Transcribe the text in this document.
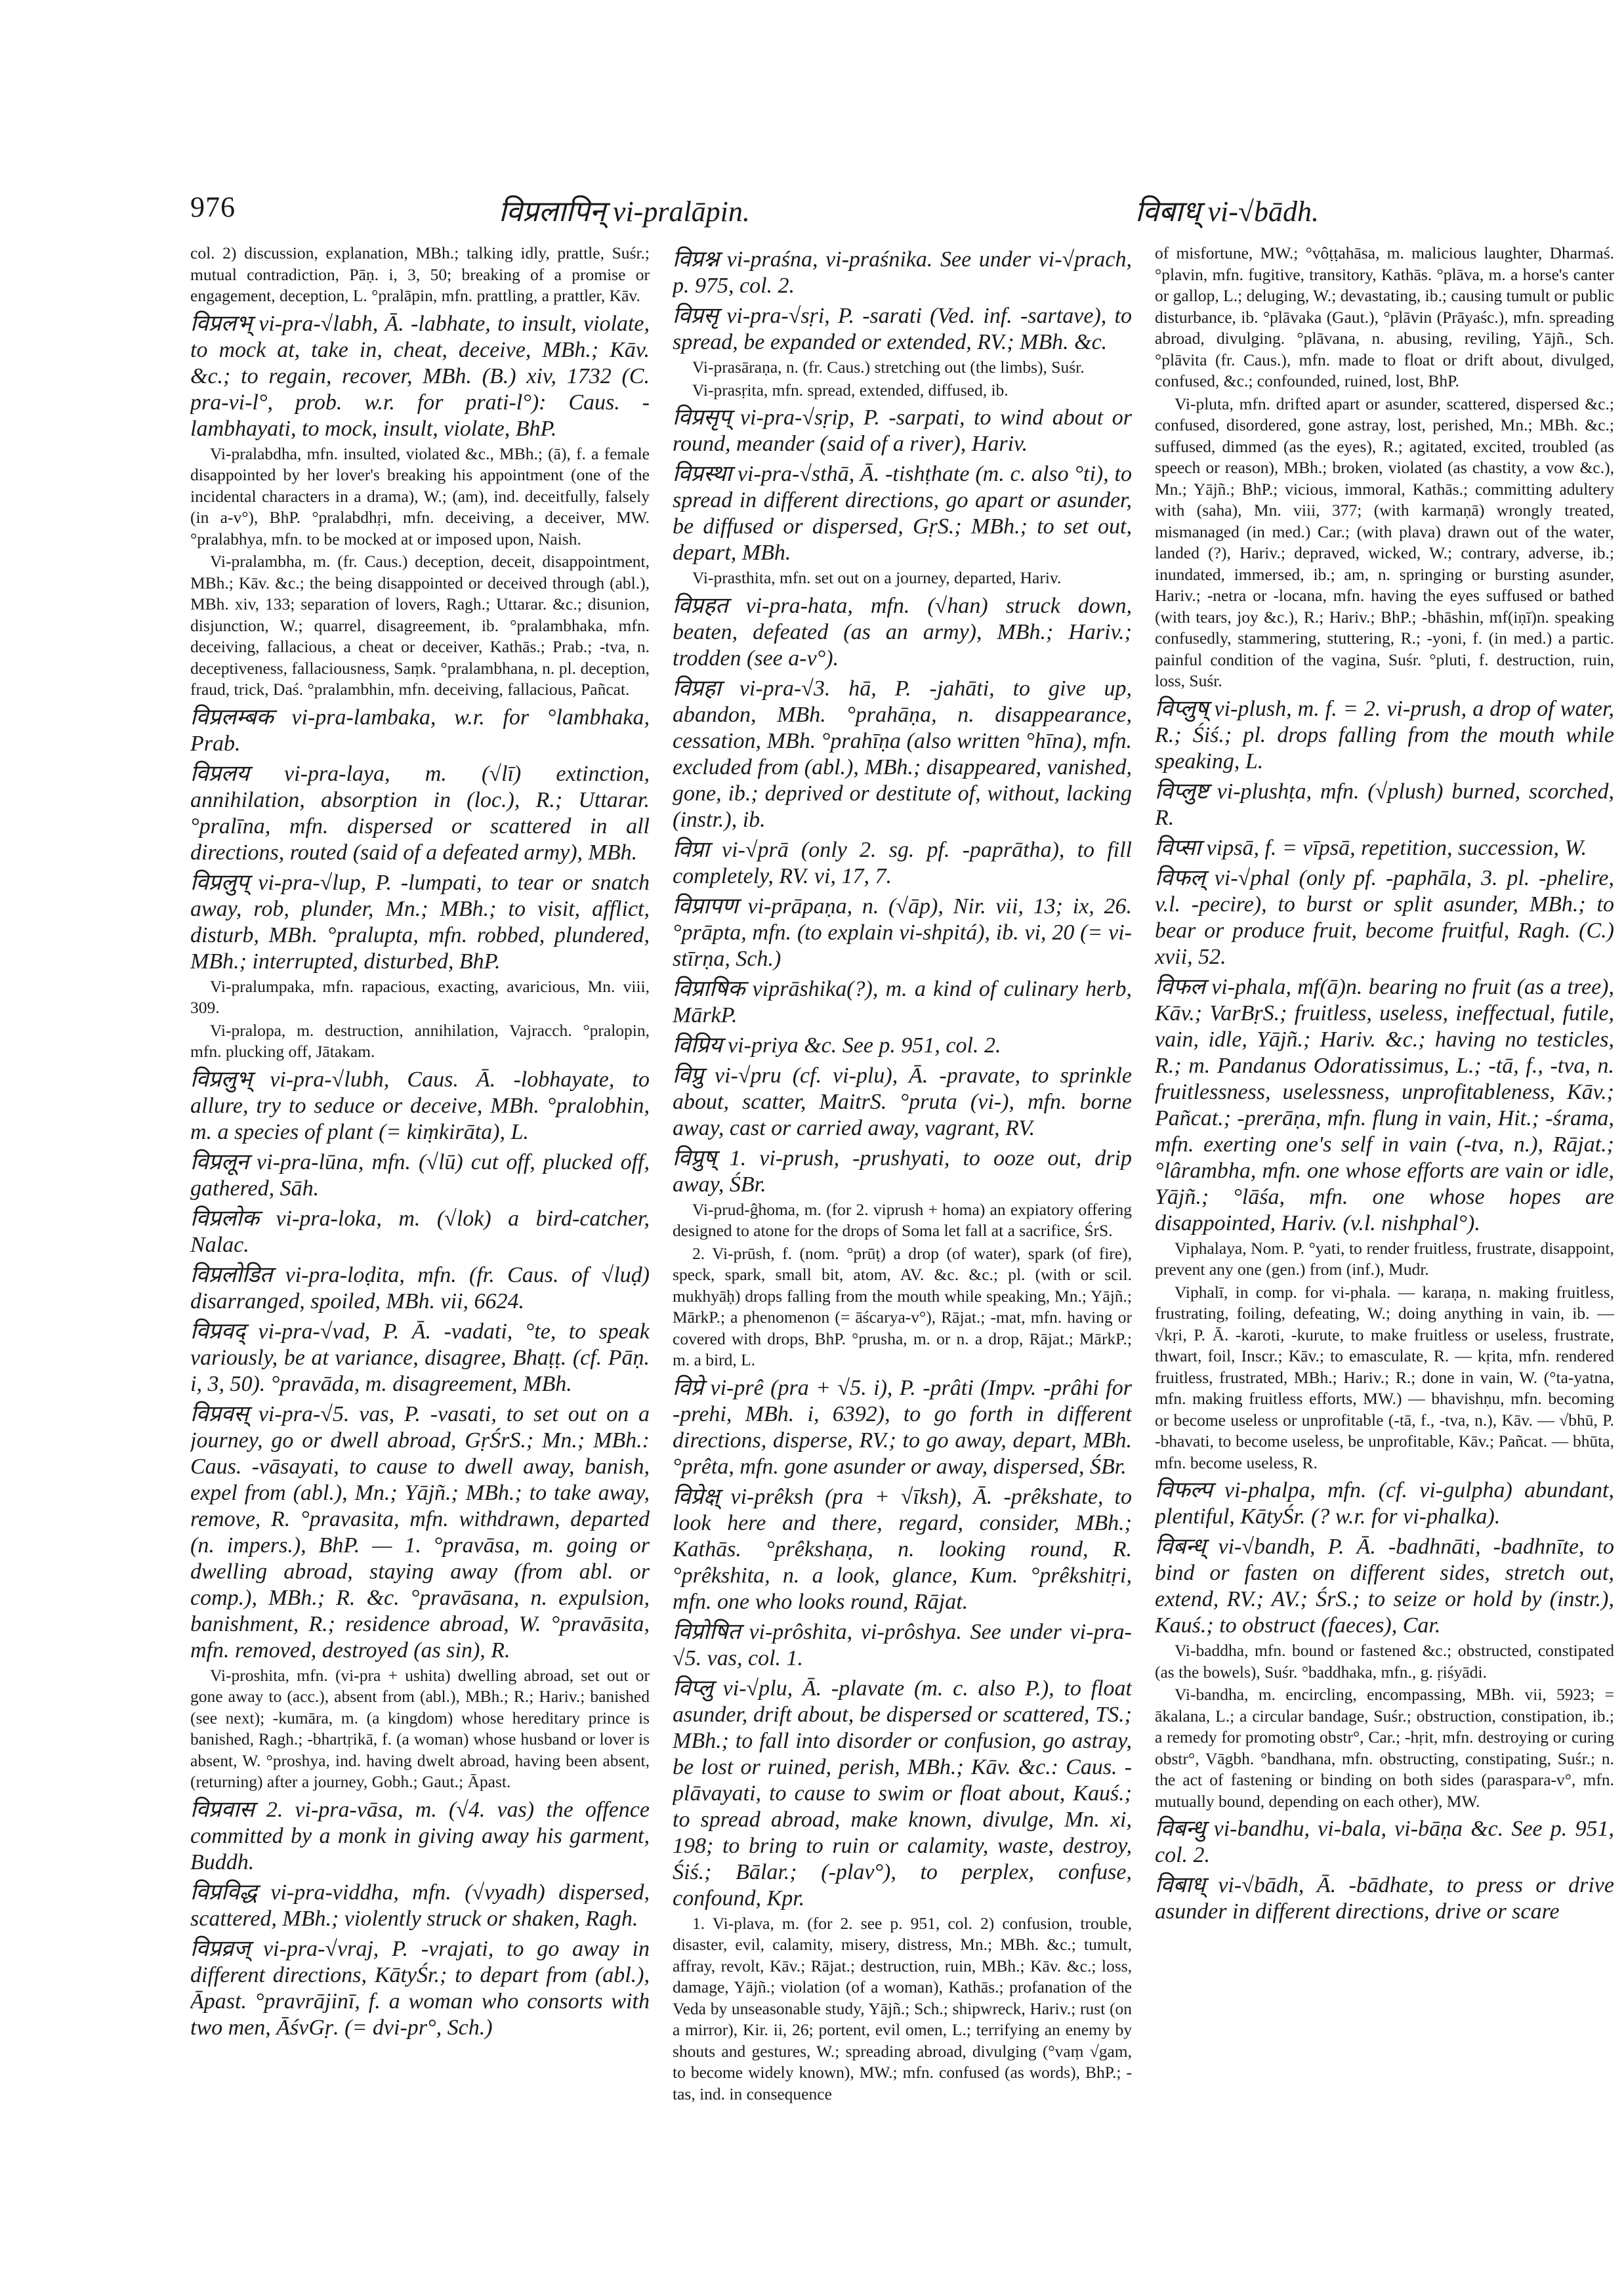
976	विप्रलापिन् vi-pralāpin.	विबाध् vi-√bādh.
col. 2) discussion, explanation, MBh.; talking idly, prattle, Suśr.; mutual contradiction, Pāṇ. i, 3, 50; breaking of a promise or engagement, deception, L. °pralāpin, mfn. prattling, a prattler, Kāv.
विप्रलभ् vi-pra-√labh, Ā. -labhate, to insult, violate, to mock at, take in, cheat, deceive, MBh.; Kāv. &c.; to regain, recover, MBh. (B.) xiv, 1732 (C. pra-vi-l°, prob. w.r. for prati-l°): Caus. -lambhayati, to mock, insult, violate, BhP.
Vi-pralabdha, mfn. insulted, violated &c., MBh.; (ā), f. a female disappointed by her lover's breaking his appointment (one of the incidental characters in a drama), W.; (am), ind. deceitfully, falsely (in a-v°), BhP. °pralabdhṛi, mfn. deceiving, a deceiver, MW. °pralabhya, mfn. to be mocked at or imposed upon, Naish.
Vi-pralambha, m. (fr. Caus.) deception, deceit, disappointment, MBh.; Kāv. &c.; the being disappointed or deceived through (abl.), MBh. xiv, 133; separation of lovers, Ragh.; Uttarar. &c.; disunion, disjunction, W.; quarrel, disagreement, ib. °pralambhaka, mfn. deceiving, fallacious, a cheat or deceiver, Kathās.; Prab.; -tva, n. deceptiveness, fallaciousness, Saṃk. °pralambhana, n. pl. deception, fraud, trick, Daś. °pralambhin, mfn. deceiving, fallacious, Pañcat.
विप्रलम्बक vi-pra-lambaka, w.r. for °lambhaka, Prab.
विप्रलय vi-pra-laya, m. (√lī) extinction, annihilation, absorption in (loc.), R.; Uttarar. °pralīna, mfn. dispersed or scattered in all directions, routed (said of a defeated army), MBh.
विप्रलुप् vi-pra-√lup, P. -lumpati, to tear or snatch away, rob, plunder, Mn.; MBh.; to visit, afflict, disturb, MBh. °pralupta, mfn. robbed, plundered, MBh.; interrupted, disturbed, BhP.
Vi-pralumpaka, mfn. rapacious, exacting, avaricious, Mn. viii, 309.
Vi-pralopa, m. destruction, annihilation, Vajracch. °pralopin, mfn. plucking off, Jātakam.
विप्रलुभ् vi-pra-√lubh, Caus. Ā. -lobhayate, to allure, try to seduce or deceive, MBh. °pralobhin, m. a species of plant (= kiṃkirāta), L.
विप्रलून vi-pra-lūna, mfn. (√lū) cut off, plucked off, gathered, Sāh.
विप्रलोक vi-pra-loka, m. (√lok) a bird-catcher, Nalac.
विप्रलोडित vi-pra-loḍita, mfn. (fr. Caus. of √luḍ) disarranged, spoiled, MBh. vii, 6624.
विप्रवद् vi-pra-√vad, P. Ā. -vadati, °te, to speak variously, be at variance, disagree, Bhaṭṭ. (cf. Pāṇ. i, 3, 50). °pravāda, m. disagreement, MBh.
विप्रवस् vi-pra-√5. vas, P. -vasati, to set out on a journey, go or dwell abroad, GṛŚrS.; Mn.; MBh.: Caus. -vāsayati, to cause to dwell away, banish, expel from (abl.), Mn.; Yājñ.; MBh.; to take away, remove, R. °pravasita, mfn. withdrawn, departed (n. impers.), BhP. — 1. °pravāsa, m. going or dwelling abroad, staying away (from abl. or comp.), MBh.; R. &c. °pravāsana, n. expulsion, banishment, R.; residence abroad, W. °pravāsita, mfn. removed, destroyed (as sin), R.
Vi-proshita, mfn. (vi-pra + ushita) dwelling abroad, set out or gone away to (acc.), absent from (abl.), MBh.; R.; Hariv.; banished (see next); -kumāra, m. (a kingdom) whose hereditary prince is banished, Ragh.; -bhartṛikā, f. (a woman) whose husband or lover is absent, W. °proshya, ind. having dwelt abroad, having been absent, (returning) after a journey, Gobh.; Gaut.; Āpast.
विप्रवास 2. vi-pra-vāsa, m. (√4. vas) the offence committed by a monk in giving away his garment, Buddh.
विप्रविद्ध vi-pra-viddha, mfn. (√vyadh) dispersed, scattered, MBh.; violently struck or shaken, Ragh.
विप्रव्रज् vi-pra-√vraj, P. -vrajati, to go away in different directions, KātyŚr.; to depart from (abl.), Āpast. °pravrājinī, f. a woman who consorts with two men, ĀśvGṛ. (= dvi-pr°, Sch.)
विप्रश्न vi-praśna, vi-praśnika. See under vi-√prach, p. 975, col. 2.
विप्रसृ vi-pra-√sṛi, P. -sarati (Ved. inf. -sartave), to spread, be expanded or extended, RV.; MBh. &c.
Vi-prasāraṇa, n. (fr. Caus.) stretching out (the limbs), Suśr.
Vi-prasṛita, mfn. spread, extended, diffused, ib.
विप्रसृप् vi-pra-√sṛip, P. -sarpati, to wind about or round, meander (said of a river), Hariv.
विप्रस्था vi-pra-√sthā, Ā. -tishṭhate (m. c. also °ti), to spread in different directions, go apart or asunder, be diffused or dispersed, GṛS.; MBh.; to set out, depart, MBh.
Vi-prasthita, mfn. set out on a journey, departed, Hariv.
विप्रहत vi-pra-hata, mfn. (√han) struck down, beaten, defeated (as an army), MBh.; Hariv.; trodden (see a-v°).
विप्रहा vi-pra-√3. hā, P. -jahāti, to give up, abandon, MBh. °prahāṇa, n. disappearance, cessation, MBh. °prahīṇa (also written °hīna), mfn. excluded from (abl.), MBh.; disappeared, vanished, gone, ib.; deprived or destitute of, without, lacking (instr.), ib.
विप्रा vi-√prā (only 2. sg. pf. -paprātha), to fill completely, RV. vi, 17, 7.
विप्रापण vi-prāpaṇa, n. (√āp), Nir. vii, 13; ix, 26. °prāpta, mfn. (to explain vi-shpitá), ib. vi, 20 (= vi-stīrṇa, Sch.)
विप्राषिक viprāshika(?), m. a kind of culinary herb, MārkP.
विप्रिय vi-priya &c. See p. 951, col. 2.
विप्रु vi-√pru (cf. vi-plu), Ā. -pravate, to sprinkle about, scatter, MaitrS. °pruta (vi-), mfn. borne away, cast or carried away, vagrant, RV.
विप्रुष् 1. vi-prush, -prushyati, to ooze out, drip away, ŚBr.
Vi-prud-ĝhoma, m. (for 2. viprush + homa) an expiatory offering designed to atone for the drops of Soma let fall at a sacrifice, ŚrS.
2. Vi-prūsh, f. (nom. °prūṭ) a drop (of water), spark (of fire), speck, spark, small bit, atom, AV. &c. &c.; pl. (with or scil. mukhyāḥ) drops falling from the mouth while speaking, Mn.; Yājñ.; MārkP.; a phenomenon (= āścarya-v°), Rājat.; -mat, mfn. having or covered with drops, BhP. °prusha, m. or n. a drop, Rājat.; MārkP.; m. a bird, L.
विप्रे vi-prê (pra + √5. i), P. -prâti (Impv. -prâhi for -prehi, MBh. i, 6392), to go forth in different directions, disperse, RV.; to go away, depart, MBh. °prêta, mfn. gone asunder or away, dispersed, ŚBr.
विप्रेक्ष् vi-prêksh (pra + √īksh), Ā. -prêkshate, to look here and there, regard, consider, MBh.; Kathās. °prêkshaṇa, n. looking round, R. °prêkshita, n. a look, glance, Kum. °prêkshitṛi, mfn. one who looks round, Rājat.
विप्रोषित vi-prôshita, vi-prôshya. See under vi-pra-√5. vas, col. 1.
विप्लु vi-√plu, Ā. -plavate (m. c. also P.), to float asunder, drift about, be dispersed or scattered, TS.; MBh.; to fall into disorder or confusion, go astray, be lost or ruined, perish, MBh.; Kāv. &c.: Caus. -plāvayati, to cause to swim or float about, Kauś.; to spread abroad, make known, divulge, Mn. xi, 198; to bring to ruin or calamity, waste, destroy, Śiś.; Bālar.; (-plav°), to perplex, confuse, confound, Kpr.
1. Vi-plava, m. (for 2. see p. 951, col. 2) confusion, trouble, disaster, evil, calamity, misery, distress, Mn.; MBh. &c.; tumult, affray, revolt, Kāv.; Rājat.; destruction, ruin, MBh.; Kāv. &c.; loss, damage, Yājñ.; violation (of a woman), Kathās.; profanation of the Veda by unseasonable study, Yājñ.; Sch.; shipwreck, Hariv.; rust (on a mirror), Kir. ii, 26; portent, evil omen, L.; terrifying an enemy by shouts and gestures, W.; spreading abroad, divulging (°vaṃ √gam, to become widely known), MW.; mfn. confused (as words), BhP.; -tas, ind. in consequence
of misfortune, MW.; °vôṭṭahāsa, m. malicious laughter, Dharmaś. °plavin, mfn. fugitive, transitory, Kathās. °plāva, m. a horse's canter or gallop, L.; deluging, W.; devastating, ib.; causing tumult or public disturbance, ib. °plāvaka (Gaut.), °plāvin (Prāyaśc.), mfn. spreading abroad, divulging. °plāvana, n. abusing, reviling, Yājñ., Sch. °plāvita (fr. Caus.), mfn. made to float or drift about, divulged, confused, &c.; confounded, ruined, lost, BhP.
Vi-pluta, mfn. drifted apart or asunder, scattered, dispersed &c.; confused, disordered, gone astray, lost, perished, Mn.; MBh. &c.; suffused, dimmed (as the eyes), R.; agitated, excited, troubled (as speech or reason), MBh.; broken, violated (as chastity, a vow &c.), Mn.; Yājñ.; BhP.; vicious, immoral, Kathās.; committing adultery with (saha), Mn. viii, 377; (with karmaṇā) wrongly treated, mismanaged (in med.) Car.; (with plava) drawn out of the water, landed (?), Hariv.; depraved, wicked, W.; contrary, adverse, ib.; inundated, immersed, ib.; am, n. springing or bursting asunder, Hariv.; -netra or -locana, mfn. having the eyes suffused or bathed (with tears, joy &c.), R.; Hariv.; BhP.; -bhāshin, mf(iṇī)n. speaking confusedly, stammering, stuttering, R.; -yoni, f. (in med.) a partic. painful condition of the vagina, Suśr. °pluti, f. destruction, ruin, loss, Suśr.
विप्लुष् vi-plush, m. f. = 2. vi-prush, a drop of water, R.; Śiś.; pl. drops falling from the mouth while speaking, L.
विप्लुष्ट vi-plushṭa, mfn. (√plush) burned, scorched, R.
विप्सा vipsā, f. = vīpsā, repetition, succession, W.
विफल् vi-√phal (only pf. -paphāla, 3. pl. -phelire, v.l. -pecire), to burst or split asunder, MBh.; to bear or produce fruit, become fruitful, Ragh. (C.) xvii, 52.
विफल vi-phala, mf(ā)n. bearing no fruit (as a tree), Kāv.; VarBṛS.; fruitless, useless, ineffectual, futile, vain, idle, Yājñ.; Hariv. &c.; having no testicles, R.; m. Pandanus Odoratissimus, L.; -tā, f., -tva, n. fruitlessness, uselessness, unprofitableness, Kāv.; Pañcat.; -prerāṇa, mfn. flung in vain, Hit.; -śrama, mfn. exerting one's self in vain (-tva, n.), Rājat.; °lârambha, mfn. one whose efforts are vain or idle, Yājñ.; °lāśa, mfn. one whose hopes are disappointed, Hariv. (v.l. nishphal°).
Viphalaya, Nom. P. °yati, to render fruitless, frustrate, disappoint, prevent any one (gen.) from (inf.), Mudr.
Viphalī, in comp. for vi-phala. — karaṇa, n. making fruitless, frustrating, foiling, defeating, W.; doing anything in vain, ib. — √kṛi, P. Ā. -karoti, -kurute, to make fruitless or useless, frustrate, thwart, foil, Inscr.; Kāv.; to emasculate, R. — kṛita, mfn. rendered fruitless, frustrated, MBh.; Hariv.; R.; done in vain, W. (°ta-yatna, mfn. making fruitless efforts, MW.) — bhavishṇu, mfn. becoming or become useless or unprofitable (-tā, f., -tva, n.), Kāv. — √bhū, P. -bhavati, to become useless, be unprofitable, Kāv.; Pañcat. — bhūta, mfn. become useless, R.
विफल्प vi-phalpa, mfn. (cf. vi-gulpha) abundant, plentiful, KātyŚr. (? w.r. for vi-phalka).
विबन्ध् vi-√bandh, P. Ā. -badhnāti, -badhnīte, to bind or fasten on different sides, stretch out, extend, RV.; AV.; ŚrS.; to seize or hold by (instr.), Kauś.; to obstruct (faeces), Car.
Vi-baddha, mfn. bound or fastened &c.; obstructed, constipated (as the bowels), Suśr. °baddhaka, mfn., g. ṛiśyādi.
Vi-bandha, m. encircling, encompassing, MBh. vii, 5923; = ākalana, L.; a circular bandage, Suśr.; obstruction, constipation, ib.; a remedy for promoting obstr°, Car.; -hṛit, mfn. destroying or curing obstr°, Vāgbh. °bandhana, mfn. obstructing, constipating, Suśr.; n. the act of fastening or binding on both sides (paraspara-v°, mfn. mutually bound, depending on each other), MW.
विबन्धु vi-bandhu, vi-bala, vi-bāṇa &c. See p. 951, col. 2.
विबाध् vi-√bādh, Ā. -bādhate, to press or drive asunder in different directions, drive or scare
